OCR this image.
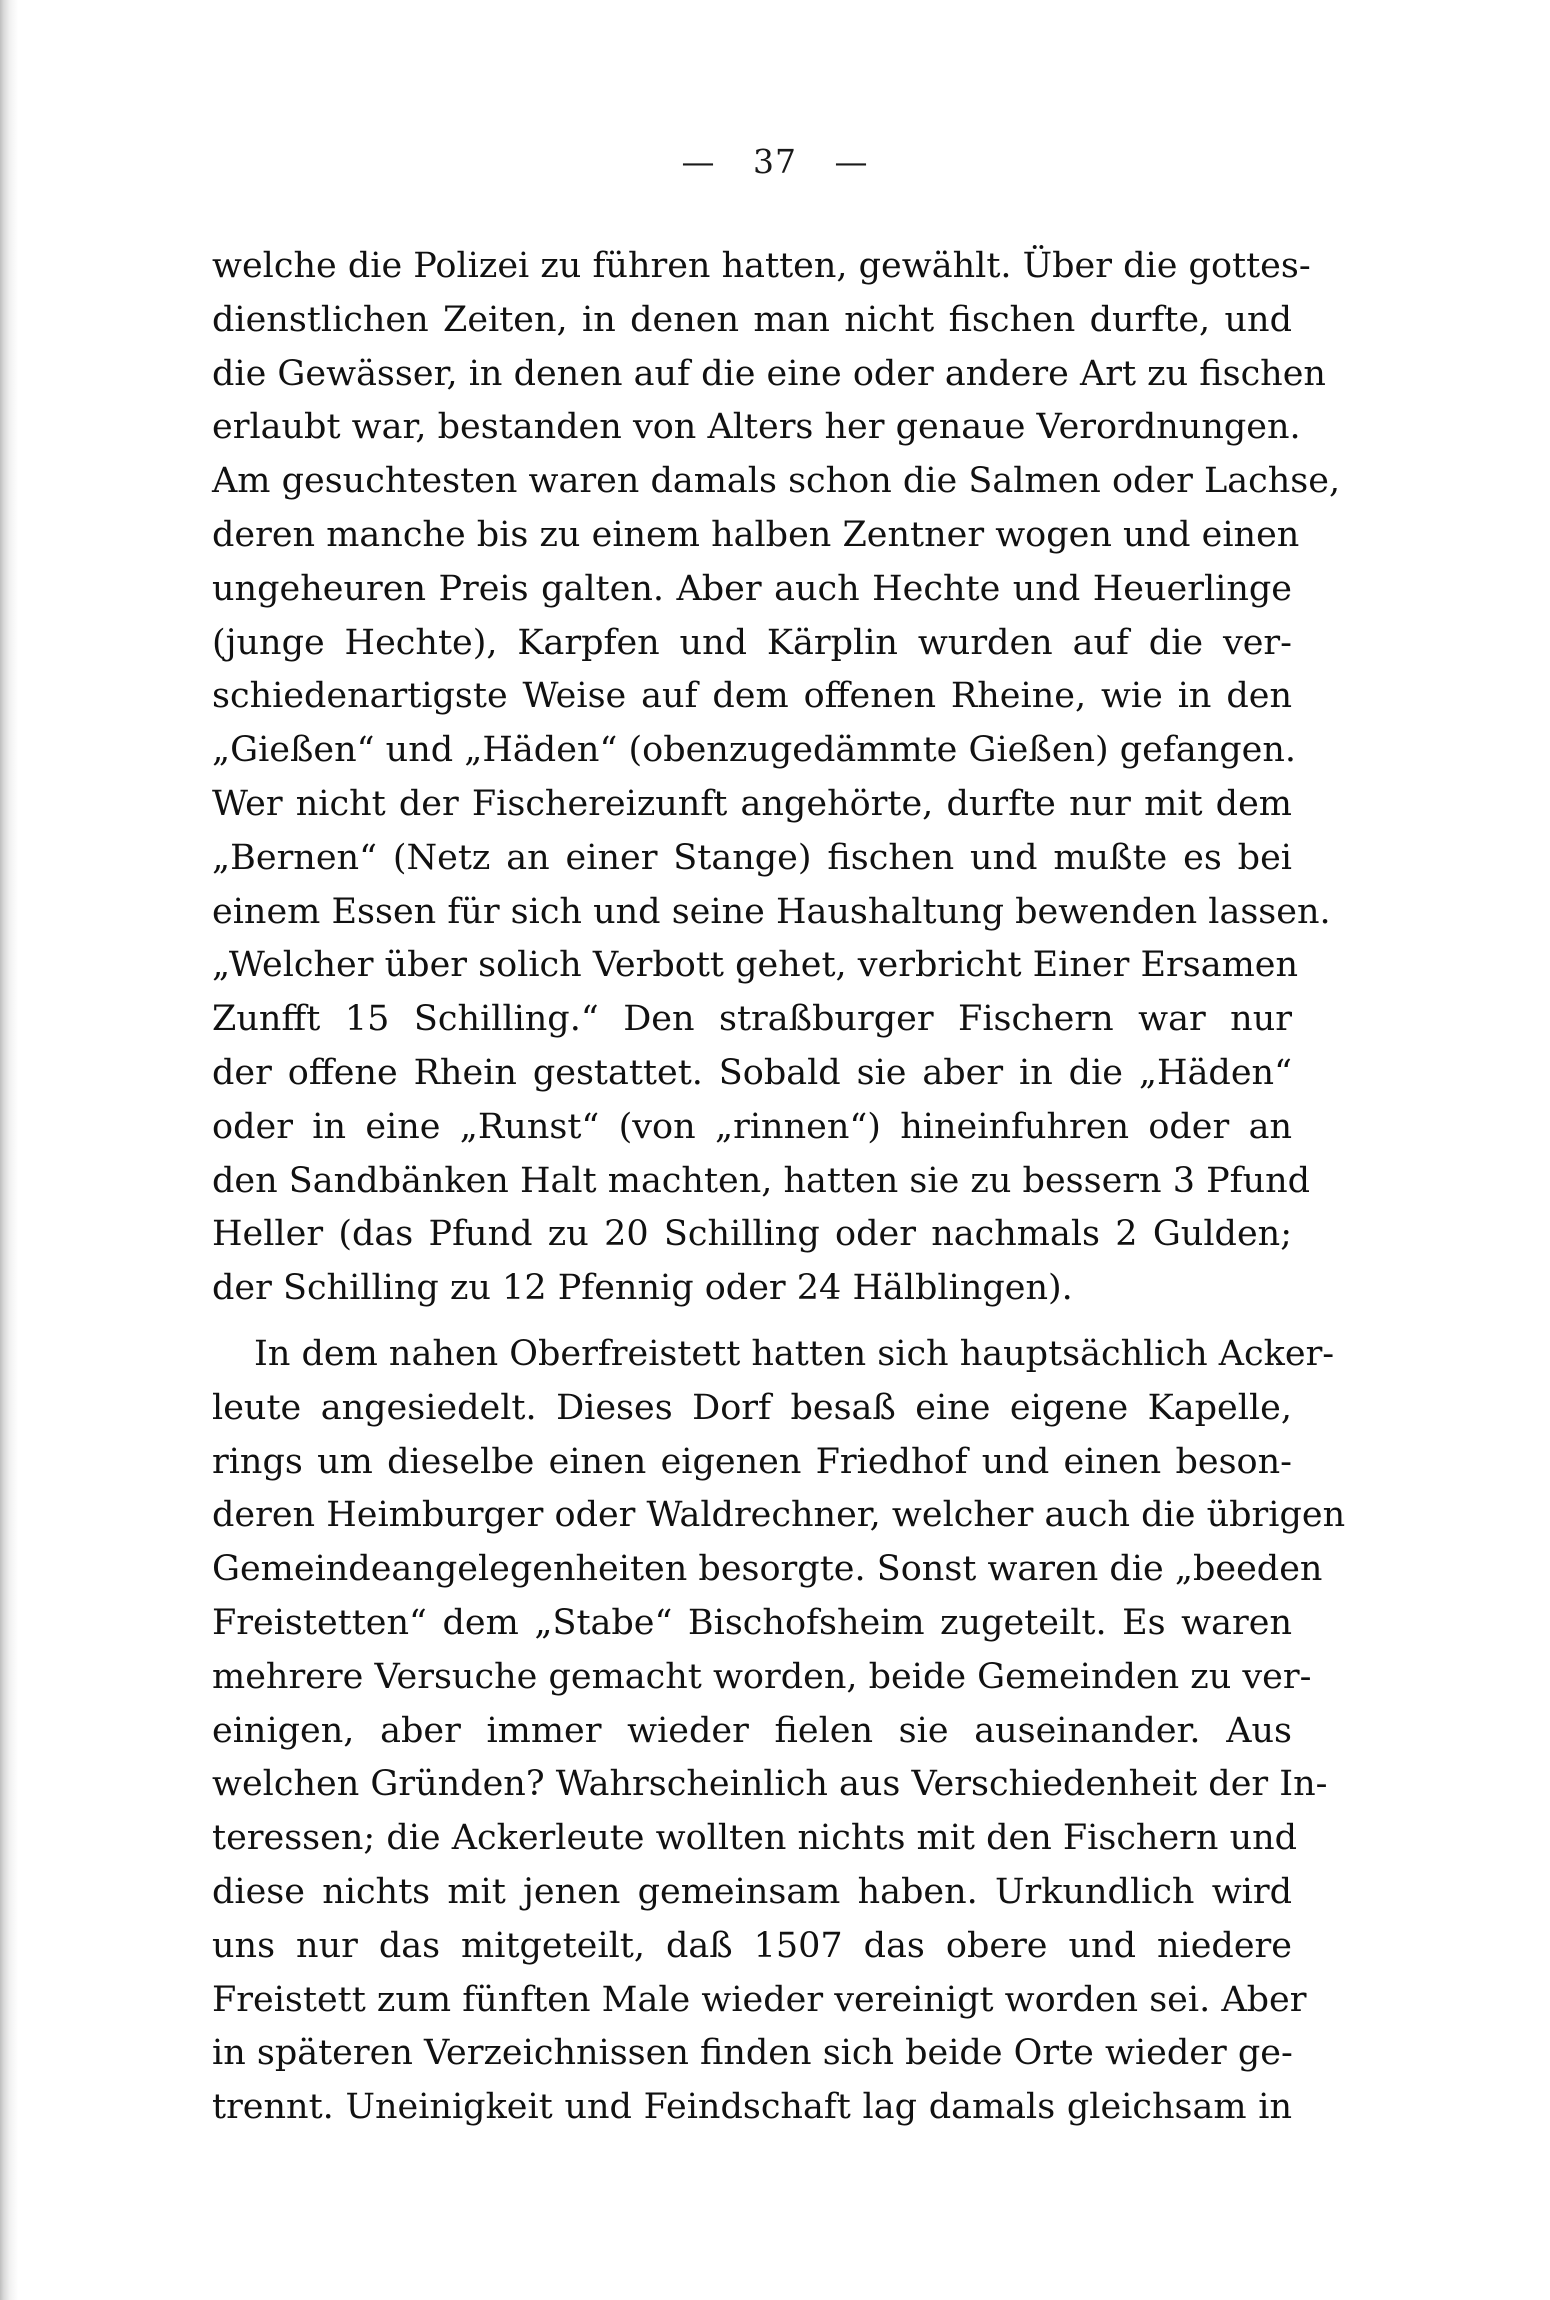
— 37 —
welche die Polizei zu führen hatten, gewählt. Über die gottes-
dienstlichen Zeiten, in denen man nicht fischen durfte, und
die Gewässer, in denen auf die eine oder andere Art zu fischen
erlaubt war, bestanden von Alters her genaue Verordnungen.
Am gesuchtesten waren damals schon die Salmen oder Lachse,
deren manche bis zu einem halben Zentner wogen und einen
ungeheuren Preis galten. Aber auch Hechte und Heuerlinge
(junge Hechte), Karpfen und Kärplin wurden auf die ver-
schiedenartigste Weise auf dem offenen Rheine, wie in den
„Gießen“ und „Häden“ (obenzugedämmte Gießen) gefangen.
Wer nicht der Fischereizunft angehörte, durfte nur mit dem
„Bernen“ (Netz an einer Stange) fischen und mußte es bei
einem Essen für sich und seine Haushaltung bewenden lassen.
„Welcher über solich Verbott gehet, verbricht Einer Ersamen
Zunfft 15 Schilling.“ Den straßburger Fischern war nur
der offene Rhein gestattet. Sobald sie aber in die „Häden“
oder in eine „Runst“ (von „rinnen“) hineinfuhren oder an
den Sandbänken Halt machten, hatten sie zu bessern 3 Pfund
Heller (das Pfund zu 20 Schilling oder nachmals 2 Gulden;
der Schilling zu 12 Pfennig oder 24 Hälblingen).
In dem nahen Oberfreistett hatten sich hauptsächlich Acker-
leute angesiedelt. Dieses Dorf besaß eine eigene Kapelle,
rings um dieselbe einen eigenen Friedhof und einen beson-
deren Heimburger oder Waldrechner, welcher auch die übrigen
Gemeindeangelegenheiten besorgte. Sonst waren die „beeden
Freistetten“ dem „Stabe“ Bischofsheim zugeteilt. Es waren
mehrere Versuche gemacht worden, beide Gemeinden zu ver-
einigen, aber immer wieder fielen sie auseinander. Aus
welchen Gründen? Wahrscheinlich aus Verschiedenheit der In-
teressen; die Ackerleute wollten nichts mit den Fischern und
diese nichts mit jenen gemeinsam haben. Urkundlich wird
uns nur das mitgeteilt, daß 1507 das obere und niedere
Freistett zum fünften Male wieder vereinigt worden sei. Aber
in späteren Verzeichnissen finden sich beide Orte wieder ge-
trennt. Uneinigkeit und Feindschaft lag damals gleichsam in
